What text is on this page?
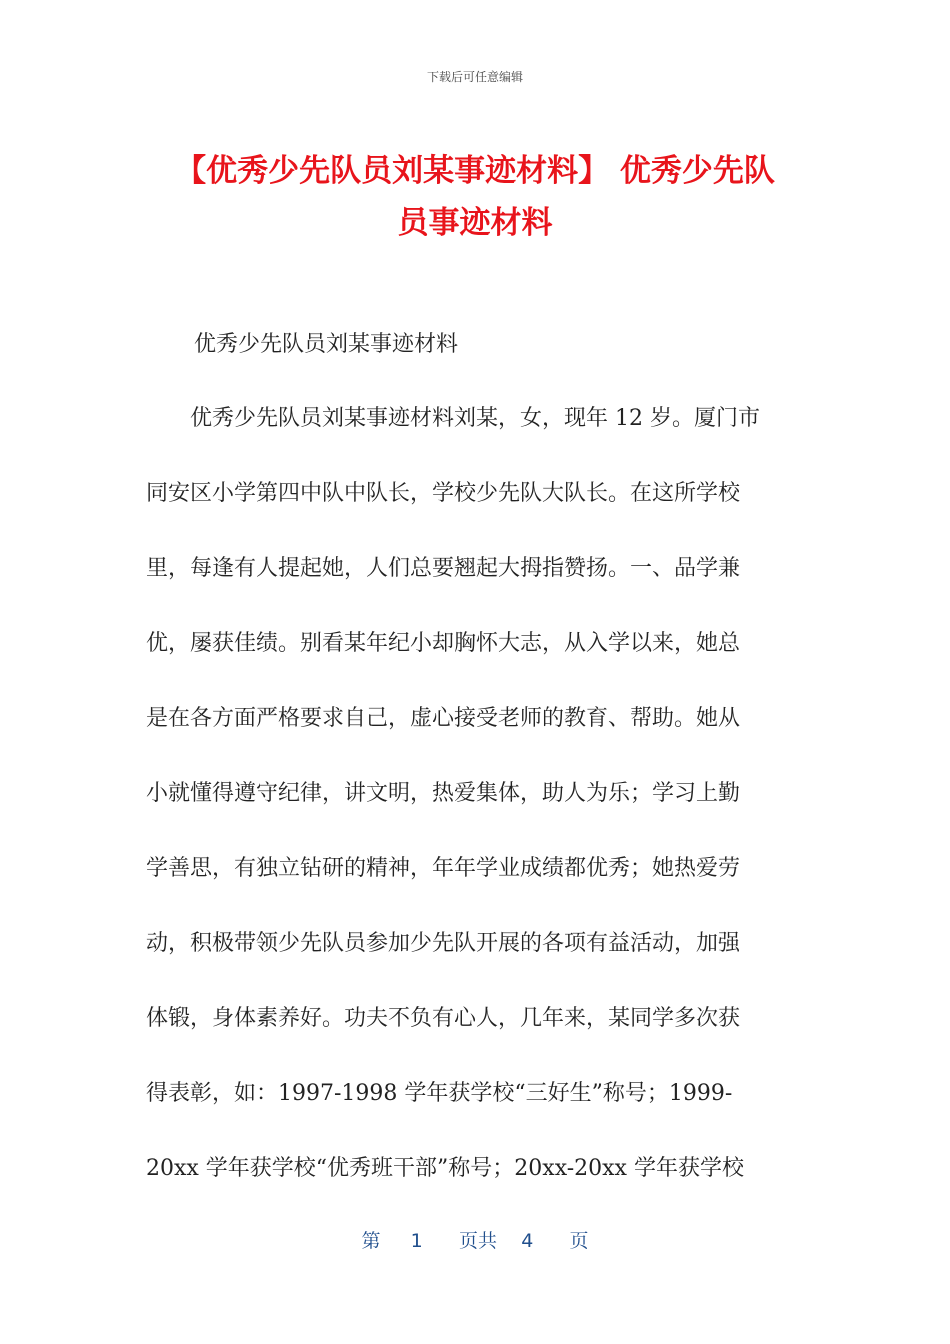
下载后可任意编辑
【优秀少先队员刘某事迹材料】 优秀少先队
员事迹材料
优秀少先队员刘某事迹材料
　　优秀少先队员刘某事迹材料刘某，女，现年 12 岁。厦门市
同安区小学第四中队中队长，学校少先队大队长。在这所学校
里，每逢有人提起她，人们总要翘起大拇指赞扬。一、品学兼
优，屡获佳绩。别看某年纪小却胸怀大志，从入学以来，她总
是在各方面严格要求自己，虚心接受老师的教育、帮助。她从
小就懂得遵守纪律，讲文明，热爱集体，助人为乐；学习上勤
学善思，有独立钻研的精神，年年学业成绩都优秀；她热爱劳
动，积极带领少先队员参加少先队开展的各项有益活动，加强
体锻，身体素养好。功夫不负有心人，几年来，某同学多次获
得表彰，如：1997-1998 学年获学校“三好生”称号；1999-
20xx 学年获学校“优秀班干部”称号；20xx-20xx 学年获学校
第 1 页共 4 页
